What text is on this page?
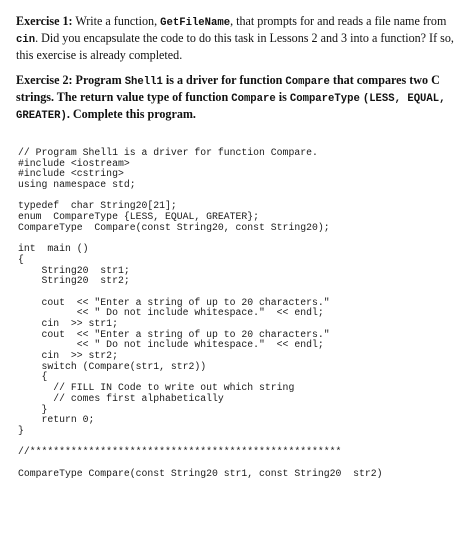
Exercise 1: Write a function, GetFileName, that prompts for and reads a file name from cin. Did you encapsulate the code to do this task in Lessons 2 and 3 into a function? If so, this exercise is already completed.

Exercise 2: Program Shell1 is a driver for function Compare that compares two C strings. The return value type of function Compare is CompareType (LESS, EQUAL, GREATER). Complete this program.

// Program Shell1 is a driver for function Compare.
#include <iostream>
#include <cstring>
using namespace std;
typedef  char String20[21];
enum  CompareType {LESS, EQUAL, GREATER};
CompareType  Compare(const String20, const String20);
int  main ()
{
String20  str1;
String20  str2;
cout  << "Enter a string of up to 20 characters."
<< " Do not include whitespace."  << endl;
cin  >> str1;
cout  << "Enter a string of up to 20 characters."
<< " Do not include whitespace."  << endl;
cin  >> str2;
switch (Compare(str1, str2))
{
// FILL IN Code to write out which string
// comes first alphabetically
}
return 0;
}
//*****************************************************
CompareType Compare(const String20 str1, const String20  str2)
